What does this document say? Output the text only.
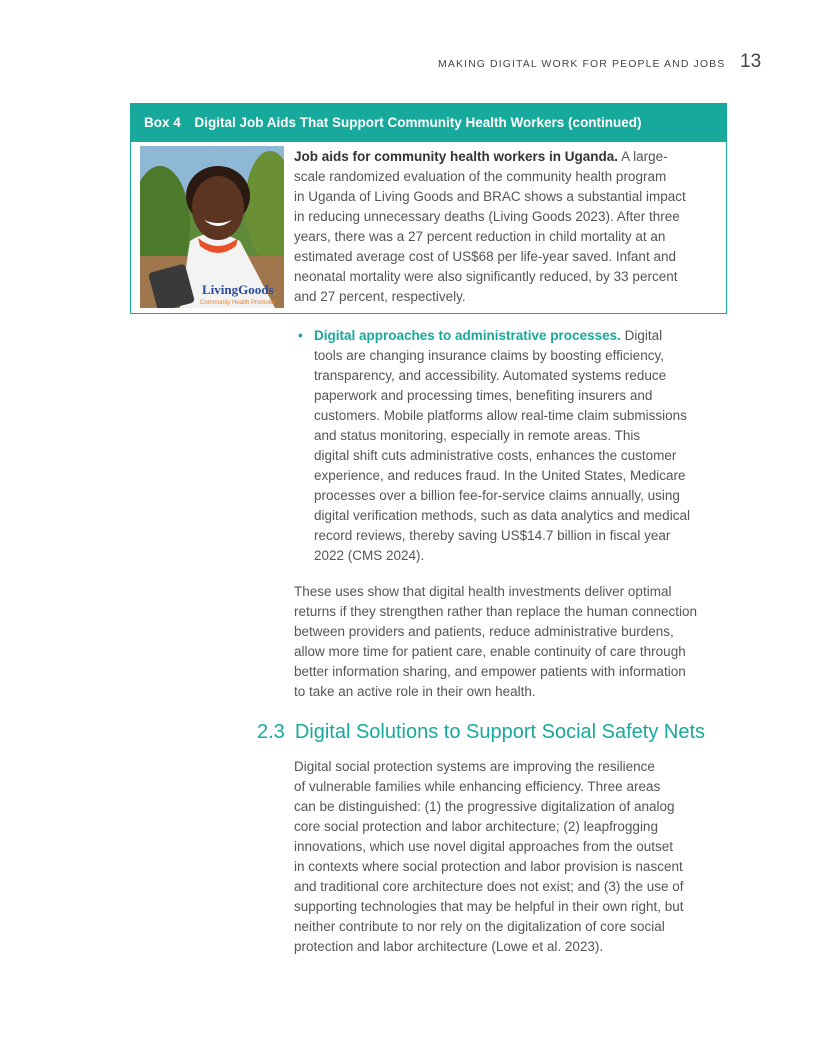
MAKING DIGITAL WORK FOR PEOPLE AND JOBS 13
Box 4 Digital Job Aids That Support Community Health Workers (continued)
LivingGoods
Community Health Promoter
Job aids for community health workers in Uganda. A large-
scale randomized evaluation of the community health program
in Uganda of Living Goods and BRAC shows a substantial impact
in reducing unnecessary deaths (Living Goods 2023). After three
years, there was a 27 percent reduction in child mortality at an
estimated average cost of US$68 per life-year saved. Infant and
neonatal mortality were also significantly reduced, by 33 percent
and 27 percent, respectively.
• Digital approaches to administrative processes. Digital
tools are changing insurance claims by boosting efficiency,
transparency, and accessibility. Automated systems reduce
paperwork and processing times, benefiting insurers and
customers. Mobile platforms allow real-time claim submissions
and status monitoring, especially in remote areas. This
digital shift cuts administrative costs, enhances the customer
experience, and reduces fraud. In the United States, Medicare
processes over a billion fee-for-service claims annually, using
digital verification methods, such as data analytics and medical
record reviews, thereby saving US$14.7 billion in fiscal year
2022 (CMS 2024).
These uses show that digital health investments deliver optimal
returns if they strengthen rather than replace the human connection
between providers and patients, reduce administrative burdens,
allow more time for patient care, enable continuity of care through
better information sharing, and empower patients with information
to take an active role in their own health.
2.3 Digital Solutions to Support Social Safety Nets
Digital social protection systems are improving the resilience
of vulnerable families while enhancing efficiency. Three areas
can be distinguished: (1) the progressive digitalization of analog
core social protection and labor architecture; (2) leapfrogging
innovations, which use novel digital approaches from the outset
in contexts where social protection and labor provision is nascent
and traditional core architecture does not exist; and (3) the use of
supporting technologies that may be helpful in their own right, but
neither contribute to nor rely on the digitalization of core social
protection and labor architecture (Lowe et al. 2023).
